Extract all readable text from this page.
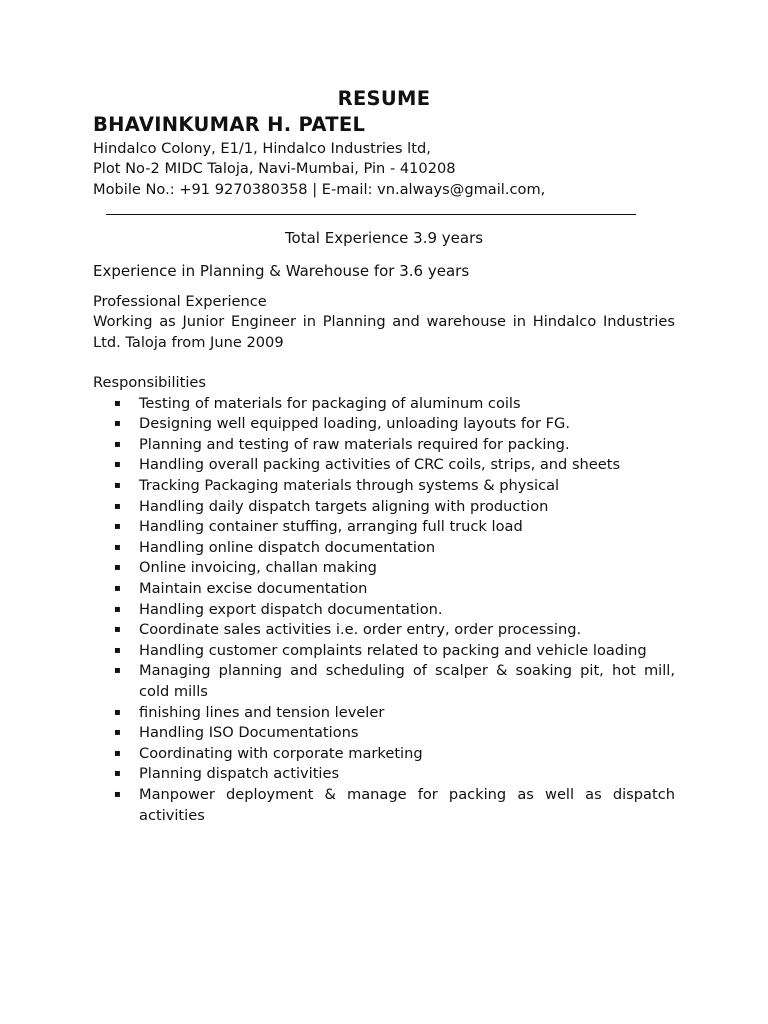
RESUME
BHAVINKUMAR H. PATEL

Hindalco Colony, E1/1, Hindalco Industries ltd,

Plot No-2 MIDC Taloja, Navi-Mumbai, Pin - 410208

Mobile No.: +91 9270380358 | E-mail: vn.always@gmail.com,

Total Experience 3.9 years
Experience in Planning & Warehouse for 3.6 years
Professional Experience

Working as Junior Engineer in Planning and warehouse in Hindalco Industries Ltd. Taloja from June 2009

Responsibilities
▪ Testing of materials for packaging of aluminum coils
▪ Designing well equipped loading, unloading layouts for FG.
▪ Planning and testing of raw materials required for packing.
▪ Handling overall packing activities of CRC coils, strips, and sheets
▪ Tracking Packaging materials through systems & physical
▪ Handling daily dispatch targets aligning with production
▪ Handling container stuffing, arranging full truck load
▪ Handling online dispatch documentation
▪ Online invoicing, challan making
▪ Maintain excise documentation
▪ Handling export dispatch documentation.
▪ Coordinate sales activities i.e. order entry, order processing.
▪ Handling customer complaints related to packing and vehicle loading
▪ Managing planning and scheduling of scalper & soaking pit, hot mill, cold mills
▪ finishing lines and tension leveler
▪ Handling ISO Documentations
▪ Coordinating with corporate marketing
▪ Planning dispatch activities
▪ Manpower deployment & manage for packing as well as dispatch activities
